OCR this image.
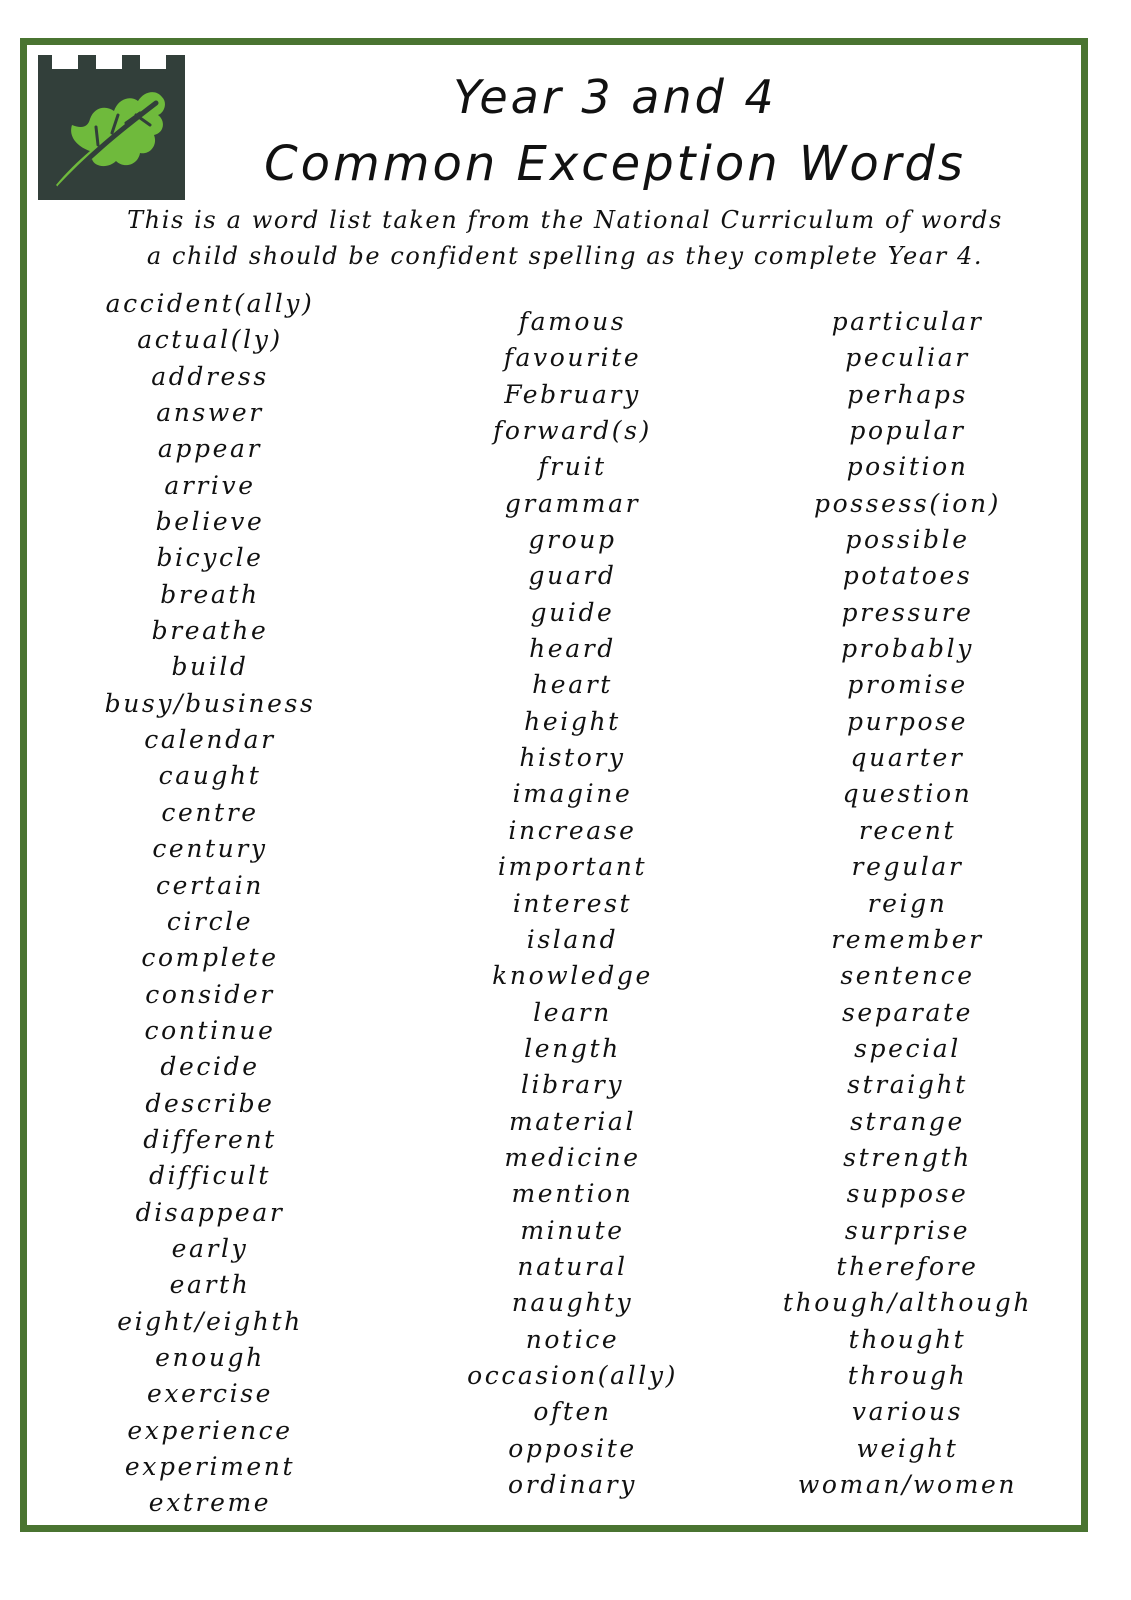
Year 3 and 4
Common Exception Words
This is a word list taken from the National Curriculum of words
a child should be confident spelling as they complete Year 4.
accident(ally)
actual(ly)
address
answer
appear
arrive
believe
bicycle
breath
breathe
build
busy/business
calendar
caught
centre
century
certain
circle
complete
consider
continue
decide
describe
different
difficult
disappear
early
earth
eight/eighth
enough
exercise
experience
experiment
extreme
famous
favourite
February
forward(s)
fruit
grammar
group
guard
guide
heard
heart
height
history
imagine
increase
important
interest
island
knowledge
learn
length
library
material
medicine
mention
minute
natural
naughty
notice
occasion(ally)
often
opposite
ordinary
particular
peculiar
perhaps
popular
position
possess(ion)
possible
potatoes
pressure
probably
promise
purpose
quarter
question
recent
regular
reign
remember
sentence
separate
special
straight
strange
strength
suppose
surprise
therefore
though/although
thought
through
various
weight
woman/women
